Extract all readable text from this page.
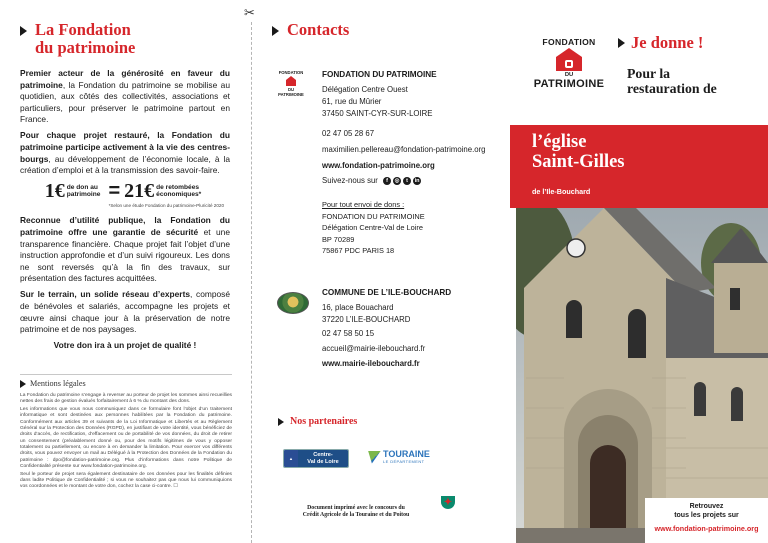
✂
La Fondation
du patrimoine

Premier acteur de la générosité en faveur du patrimoine, la Fondation du patrimoine se mobilise au quotidien, aux côtés des collectivités, associations et particuliers, pour préserver le patrimoine partout en France.

Pour chaque projet restauré, la Fondation du patrimoine participe activement à la vie des centres-bourgs, au développement de l’économie locale, à la création d’emploi et à la transmission des savoir-faire.

1€ de don au
patrimoine = 21€ de retombées
économiques*
*Selon une étude Fondation du patrimoine-Pluricité 2020

Reconnue d’utilité publique, la Fondation du patrimoine offre une garantie de sécurité et une transparence financière. Chaque projet fait l’objet d’une instruction approfondie et d’un suivi rigoureux. Les dons ne sont reversés qu’à la fin des travaux, sur présentation des factures acquittées.

Sur le terrain, un solide réseau d’experts, composé de bénévoles et salariés, accompagne les projets et œuvre ainsi chaque jour à la préservation de notre patrimoine et de nos paysages.

Votre don ira à un projet de qualité !
Mentions légales

La Fondation du patrimoine s’engage à reverser au porteur de projet les sommes ainsi recueillies nettes des frais de gestion évalués forfaitairement à 6 % du montant des dons.

Les informations que vous nous communiquez dans ce formulaire font l’objet d’un traitement informatique et sont destinées aux personnes habilitées par la Fondation du patrimoine. Conformément aux articles 39 et suivants de la Loi Informatique et Libertés et au Règlement Général sur la Protection des Données (RGPD), en justifiant de votre identité, vous bénéficiez de droits d’accès, de rectification, d’effacement ou de portabilité de vos données, du droit de retirer un consentement (préalablement donné ou, pour des motifs légitimes de vous y opposer totalement ou partiellement, ou encore à en demander la limitation. Pour exercer vos différents droits, vous pouvez envoyer un mail au Délégué à la Protection des Données de la Fondation du patrimoine : dpo@fondation-patrimoine.org. Plus d’informations dans notre Politique de Confidentialité présente sur www.fondation-patrimoine.org.

Seul le porteur de projet sera également destinataire de ces données pour les finalités définies dans ladite Politique de Confidentialité ; si vous ne souhaitez pas que nous lui communiquions vos coordonnées et le montant de votre don, cochez la case ci-contre. ☐

Contacts
FONDATION
DU PATRIMOINE
FONDATION DU PATRIMOINE
Délégation Centre Ouest
61, rue du Mûrier
37450 SAINT-CYR-SUR-LOIRE
02 47 05 28 67
maximilien.pellereau@fondation-patrimoine.org
www.fondation-patrimoine.org
Suivez-nous sur	f	◎	t	in
Pour tout envoi de dons :
FONDATION DU PATRIMOINE
Délégation Centre-Val de Loire
BP 70289
75867 PDC PARIS 18
COMMUNE DE L’ILE-BOUCHARD
16, place Bouachard
37220 L’ILE-BOUCHARD
02 47 58 50 15
accueil@mairie-ilebouchard.fr
www.mairie-ilebouchard.fr
Nos partenaires
▲
Centre-
Val de Loire
TOURAINE
LE DÉPARTEMENT
Document imprimé avec le concours du
Crédit Agricole de la Touraine et du Poitou
✦
FONDATION
DU
PATRIMOINE
Je donne !
Pour la
restauration de
l’église
Saint-Gilles
de l’Ile-Bouchard
Retrouvez
tous les projets sur
www.fondation-patrimoine.org
